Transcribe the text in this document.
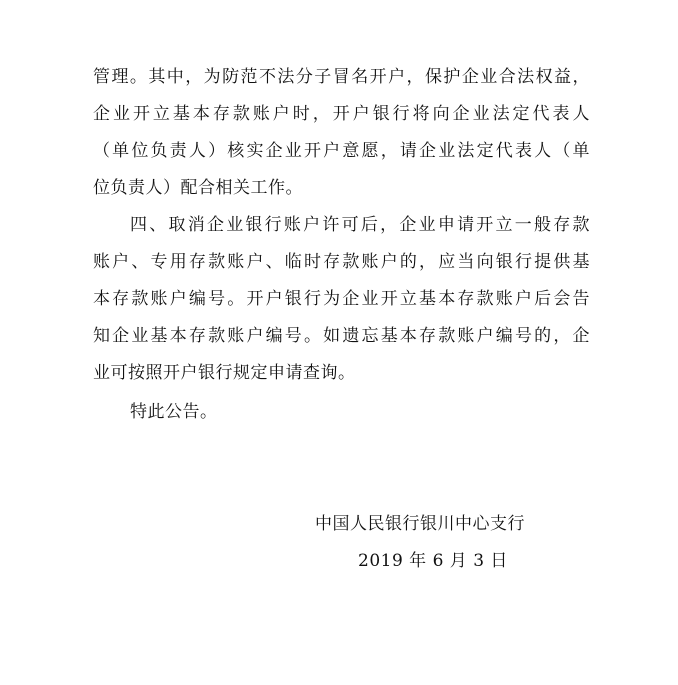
管理。其中，为防范不法分子冒名开户，保护企业合法权益，
企业开立基本存款账户时，开户银行将向企业法定代表人
（单位负责人）核实企业开户意愿，请企业法定代表人（单
位负责人）配合相关工作。
四、取消企业银行账户许可后，企业申请开立一般存款
账户、专用存款账户、临时存款账户的，应当向银行提供基
本存款账户编号。开户银行为企业开立基本存款账户后会告
知企业基本存款账户编号。如遗忘基本存款账户编号的，企
业可按照开户银行规定申请查询。
特此公告。
中国人民银行银川中心支行
2019 年 6 月 3 日
